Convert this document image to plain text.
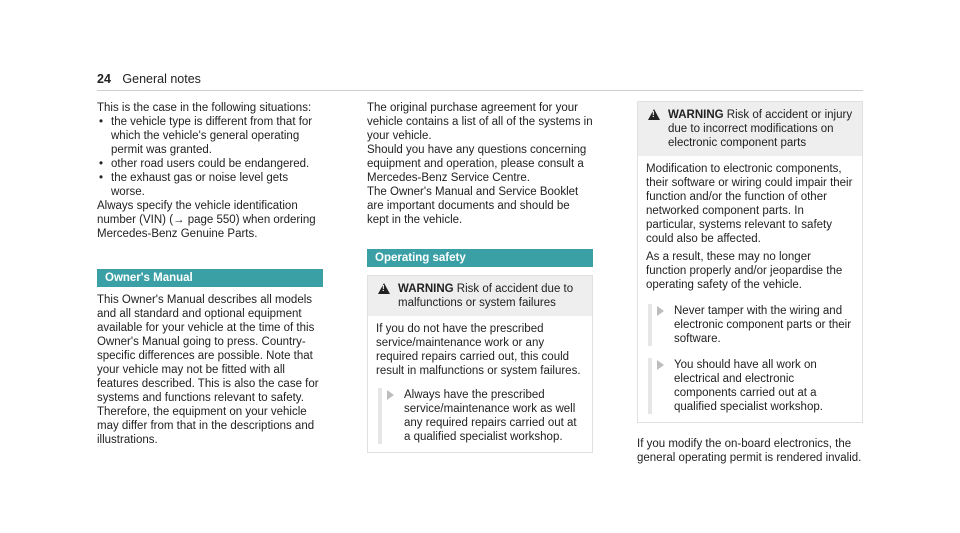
24 General notes

This is the case in the following situations:

• the vehicle type is different from that for which the vehicle's general operating permit was granted.
• other road users could be endangered.
• the exhaust gas or noise level gets worse.

Always specify the vehicle identification number (VIN) (→ page 550) when ordering Mercedes-Benz Genuine Parts.

Owner's Manual

This Owner's Manual describes all models and all standard and optional equipment available for your vehicle at the time of this Owner's Manual going to press. Country-specific differences are possible. Note that your vehicle may not be fitted with all features described. This is also the case for systems and functions relevant to safety. Therefore, the equipment on your vehicle may differ from that in the descriptions and illustrations.

The original purchase agreement for your vehicle contains a list of all of the systems in your vehicle.

Should you have any questions concerning equipment and operation, please consult a Mercedes-Benz Service Centre.

The Owner's Manual and Service Booklet are important documents and should be kept in the vehicle.

Operating safety
!
WARNING Risk of accident due to malfunctions or system failures

If you do not have the prescribed service/maintenance work or any required repairs carried out, this could result in malfunctions or system failures.

Always have the prescribed service/maintenance work as well any required repairs carried out at a qualified specialist workshop.
!
WARNING Risk of accident or injury due to incorrect modifications on electronic component parts

Modification to electronic components, their software or wiring could impair their function and/or the function of other networked component parts. In particular, systems relevant to safety could also be affected.

As a result, these may no longer function properly and/or jeopardise the operating safety of the vehicle.

Never tamper with the wiring and electronic component parts or their software.
You should have all work on electrical and electronic components carried out at a qualified specialist workshop.

If you modify the on-board electronics, the general operating permit is rendered invalid.
